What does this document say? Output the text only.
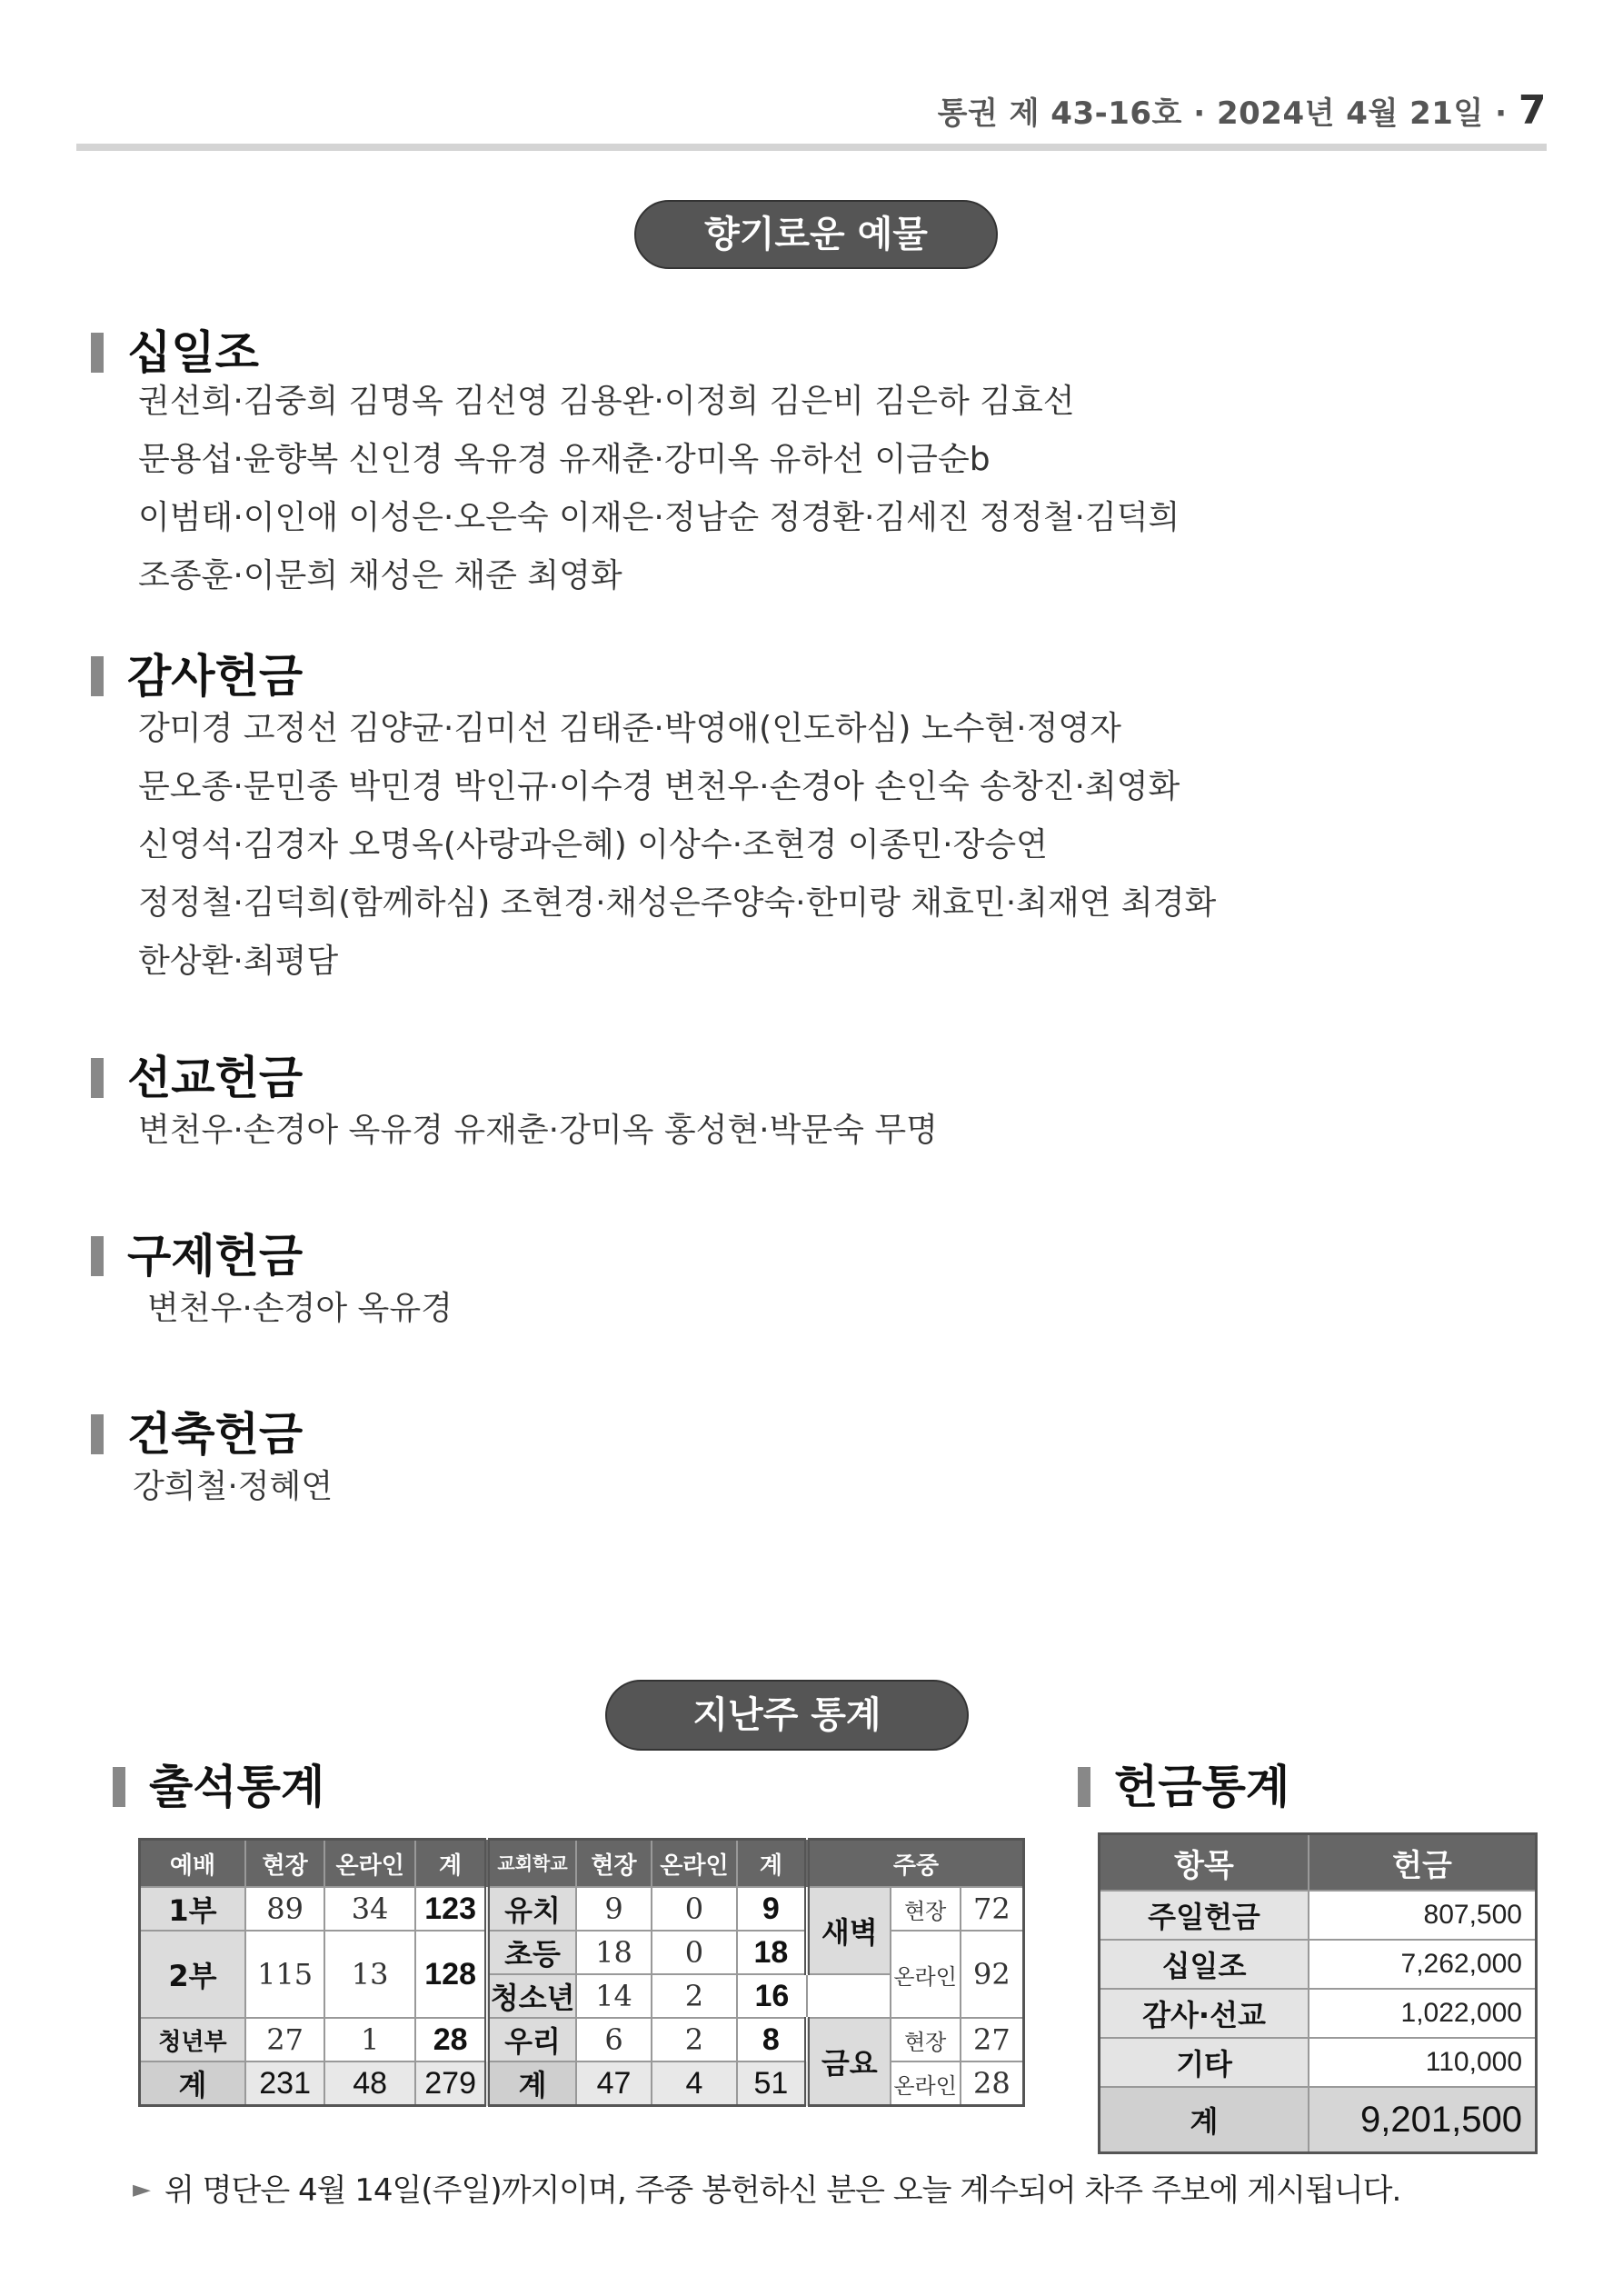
통권 제 43-16호 · 2024년 4월 21일 · 7
향기로운 예물
십일조
권선희·김중희 김명옥 김선영 김용완·이정희 김은비 김은하 김효선
문용섭·윤향복 신인경 옥유경 유재춘·강미옥 유하선 이금순b
이범태·이인애 이성은·오은숙 이재은·정남순 정경환·김세진 정정철·김덕희
조종훈·이문희 채성은 채준 최영화
감사헌금
강미경 고정선 김양균·김미선 김태준·박영애(인도하심) 노수현·정영자
문오종·문민종 박민경 박인규·이수경 변천우·손경아 손인숙 송창진·최영화
신영석·김경자 오명옥(사랑과은혜) 이상수·조현경 이종민·장승연
정정철·김덕희(함께하심) 조현경·채성은주양숙·한미랑 채효민·최재연 최경화
한상환·최평담
선교헌금
변천우·손경아 옥유경 유재춘·강미옥 홍성현·박문숙 무명
구제헌금
변천우·손경아 옥유경
건축헌금
강희철·정혜연
지난주 통계
출석통계	헌금통계
예배	현장	온라인	계	교회학교	현장	온라인	계	주중		
1부	89	34	123	유치	9	0	9	새벽	현장	72
2부	115	13	128	초등	18	0	18		온라인	92
				청소년	14	2	16			
청년부	27	1	28	우리	6	2	8	금요	현장	27
계	231	48	279	계	47	4	51		온라인	28
항목	헌금
주일헌금	807,500
십일조	7,262,000
감사·선교	1,022,000
기타	110,000
계	9,201,500
► 위 명단은 4월 14일(주일)까지이며, 주중 봉헌하신 분은 오늘 계수되어 차주 주보에 게시됩니다.
